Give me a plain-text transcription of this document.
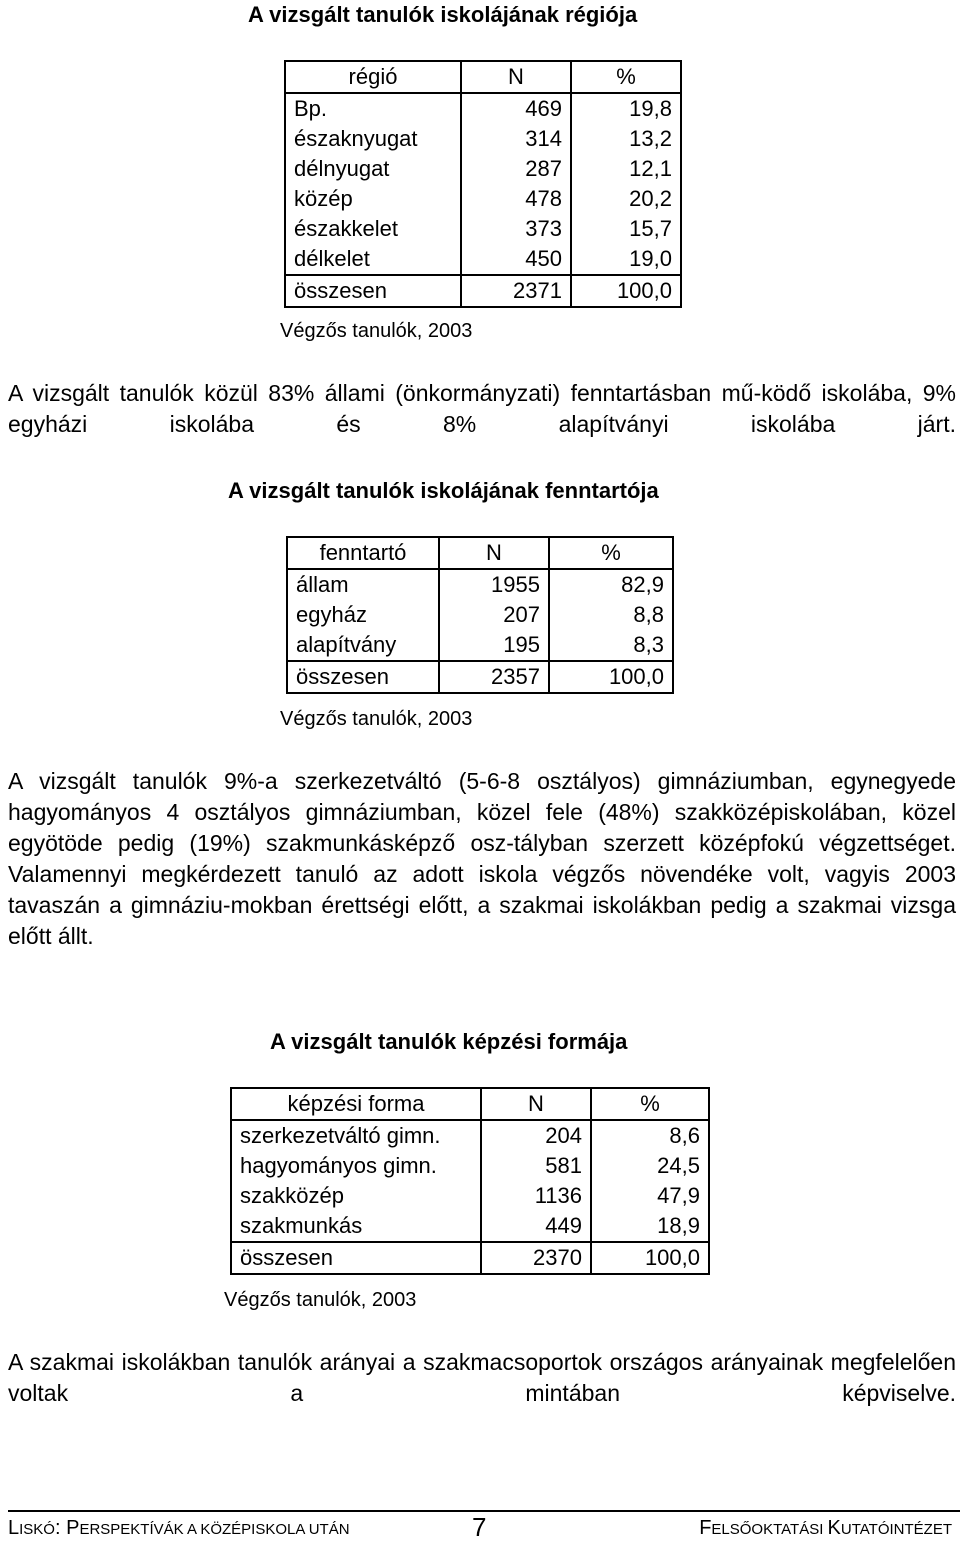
A vizsgált tanulók iskolájának régiója
régió	N	%
Bp.	469	19,8
északnyugat	314	13,2
délnyugat	287	12,1
közép	478	20,2
északkelet	373	15,7
délkelet	450	19,0
összesen	2371	100,0
Végzős tanulók, 2003
A vizsgált tanulók közül 83% állami (önkormányzati) fenntartásban mű-ködő iskolába, 9% egyházi iskolába és 8% alapítványi iskolába járt.
A vizsgált tanulók iskolájának fenntartója
fenntartó	N	%
állam	1955	82,9
egyház	207	8,8
alapítvány	195	8,3
összesen	2357	100,0
Végzős tanulók, 2003
A vizsgált tanulók 9%-a szerkezetváltó (5-6-8 osztályos) gimnáziumban, egynegyede hagyományos 4 osztályos gimnáziumban, közel fele (48%) szakközépiskolában, közel egyötöde pedig (19%) szakmunkásképző osz-tályban szerzett középfokú végzettséget. Valamennyi megkérdezett tanuló az adott iskola végzős növendéke volt, vagyis 2003 tavaszán a gimnáziu-mokban érettségi előtt, a szakmai iskolákban pedig a szakmai vizsga előtt állt.
A vizsgált tanulók képzési formája
képzési forma	N	%
szerkezetváltó gimn.	204	8,6
hagyományos gimn.	581	24,5
szakközép	1136	47,9
szakmunkás	449	18,9
összesen	2370	100,0
Végzős tanulók, 2003
A szakmai iskolákban tanulók arányai a szakmacsoportok országos arányainak megfelelően voltak a mintában képviselve.
LISKÓ: PERSPEKTÍVÁK A KÖZÉPISKOLA UTÁN	7	FELSŐOKTATÁSI KUTATÓINTÉZET
